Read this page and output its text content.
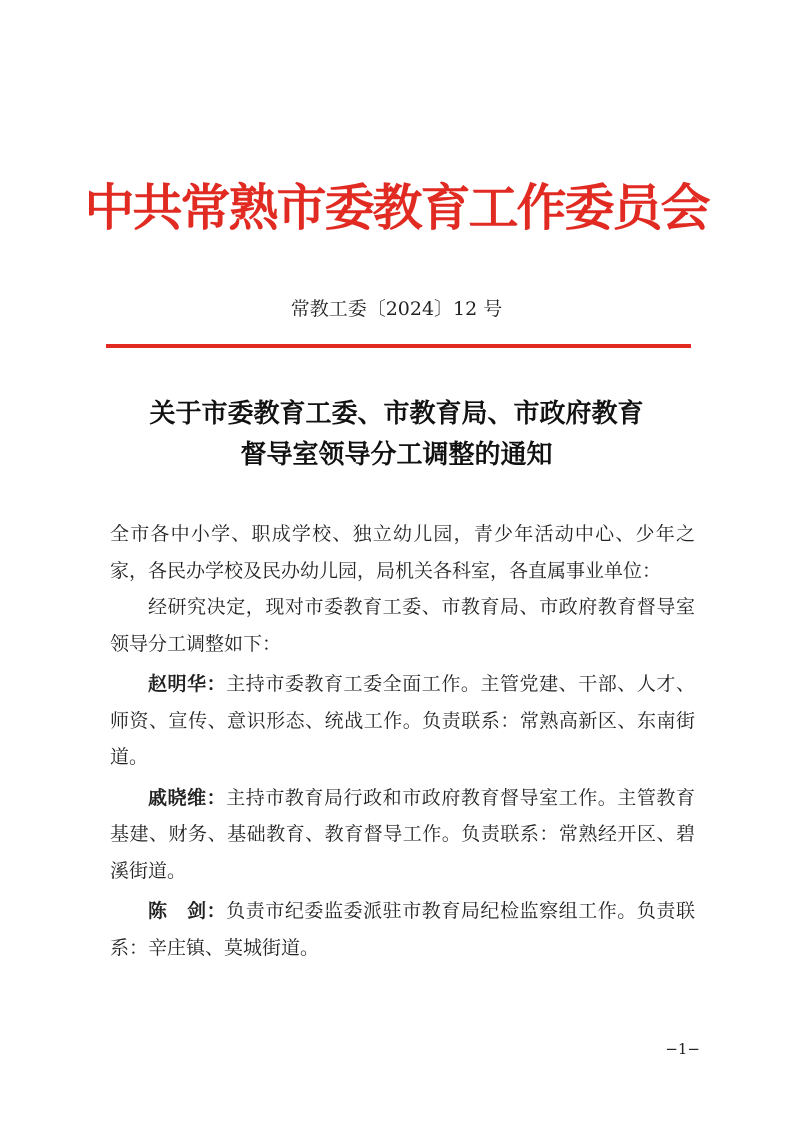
中共常熟市委教育工作委员会
常教工委〔2024〕12 号
关于市委教育工委、市教育局、市政府教育
督导室领导分工调整的通知

全市各中小学、职成学校、独立幼儿园，青少年活动中心、少年之家，各民办学校及民办幼儿园，局机关各科室，各直属事业单位：

经研究决定，现对市委教育工委、市教育局、市政府教育督导室领导分工调整如下：

赵明华：主持市委教育工委全面工作。主管党建、干部、人才、师资、宣传、意识形态、统战工作。负责联系：常熟高新区、东南街道。

戚晓维：主持市教育局行政和市政府教育督导室工作。主管教育基建、财务、基础教育、教育督导工作。负责联系：常熟经开区、碧溪街道。

陈　剑：负责市纪委监委派驻市教育局纪检监察组工作。负责联系：辛庄镇、莫城街道。

−1−
